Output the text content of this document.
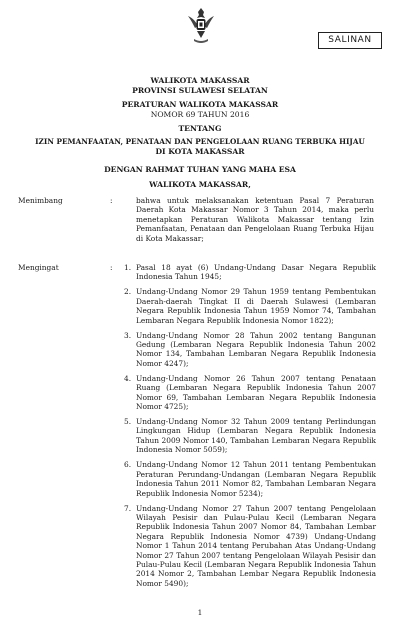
SALINAN
WALIKOTA MAKASSAR
PROVINSI SULAWESI SELATAN
PERATURAN WALIKOTA MAKASSAR
NOMOR 69 TAHUN 2016
TENTANG
IZIN PEMANFAATAN, PENATAAN DAN PENGELOLAAN RUANG TERBUKA HIJAU
DI KOTA MAKASSAR
DENGAN RAHMAT TUHAN YANG MAHA ESA
WALIKOTA MAKASSAR,
Menimbang	:	bahwa untuk melaksanakan ketentuan Pasal 7 Peraturan Daerah Kota Makassar Nomor 3 Tahun 2014, maka perlu menetapkan Peraturan Walikota Makassar tentang Izin Pemanfaatan, Penataan dan Pengelolaan Ruang Terbuka Hijau di Kota Makassar;
Mengingat	: 1. Pasal 18 ayat (6) Undang-Undang Dasar Negara Republik Indonesia Tahun 1945;
2. Undang-Undang Nomor 29 Tahun 1959 tentang Pembentukan Daerah-daerah Tingkat II di Daerah Sulawesi (Lembaran Negara Republik Indonesia Tahun 1959 Nomor 74, Tambahan Lembaran Negara Republik Indonesia Nomor 1822);
3. Undang-Undang Nomor 28 Tahun 2002 tentang Bangunan Gedung (Lembaran Negara Republik Indonesia Tahun 2002 Nomor 134, Tambahan Lembaran Negara Republik Indonesia Nomor 4247);
4. Undang-Undang Nomor 26 Tahun 2007 tentang Penataan Ruang (Lembaran Negara Republik Indonesia Tahun 2007 Nomor 69, Tambahan Lembaran Negara Republik Indonesia Nomor 4725);
5. Undang-Undang Nomor 32 Tahun 2009 tentang Perlindungan Lingkungan Hidup (Lembaran Negara Republik Indonesia Tahun 2009 Nomor 140, Tambahan Lembaran Negara Republik Indonesia Nomor 5059);
6. Undang-Undang Nomor 12 Tahun 2011 tentang Pembentukan Peraturan Perundang-Undangan (Lembaran Negara Republik Indonesia Tahun 2011 Nomor 82, Tambahan Lembaran Negara Republik Indonesia Nomor 5234);
7. Undang-Undang Nomor 27 Tahun 2007 tentang Pengelolaan Wilayah Pesisir dan Pulau-Pulau Kecil (Lembaran Negara Republik Indonesia Tahun 2007 Nomor 84, Tambahan Lembar Negara Republik Indonesia Nomor 4739) Undang-Undang Nomor 1 Tahun 2014 tentang Perubahan Atas Undang-Undang Nomor 27 Tahun 2007 tentang Pengelolaan Wilayah Pesisir dan Pulau-Pulau Kecil (Lembaran Negara Republik Indonesia Tahun 2014 Nomor 2, Tambahan Lembar Negara Republik Indonesia Nomor 5490);
1
